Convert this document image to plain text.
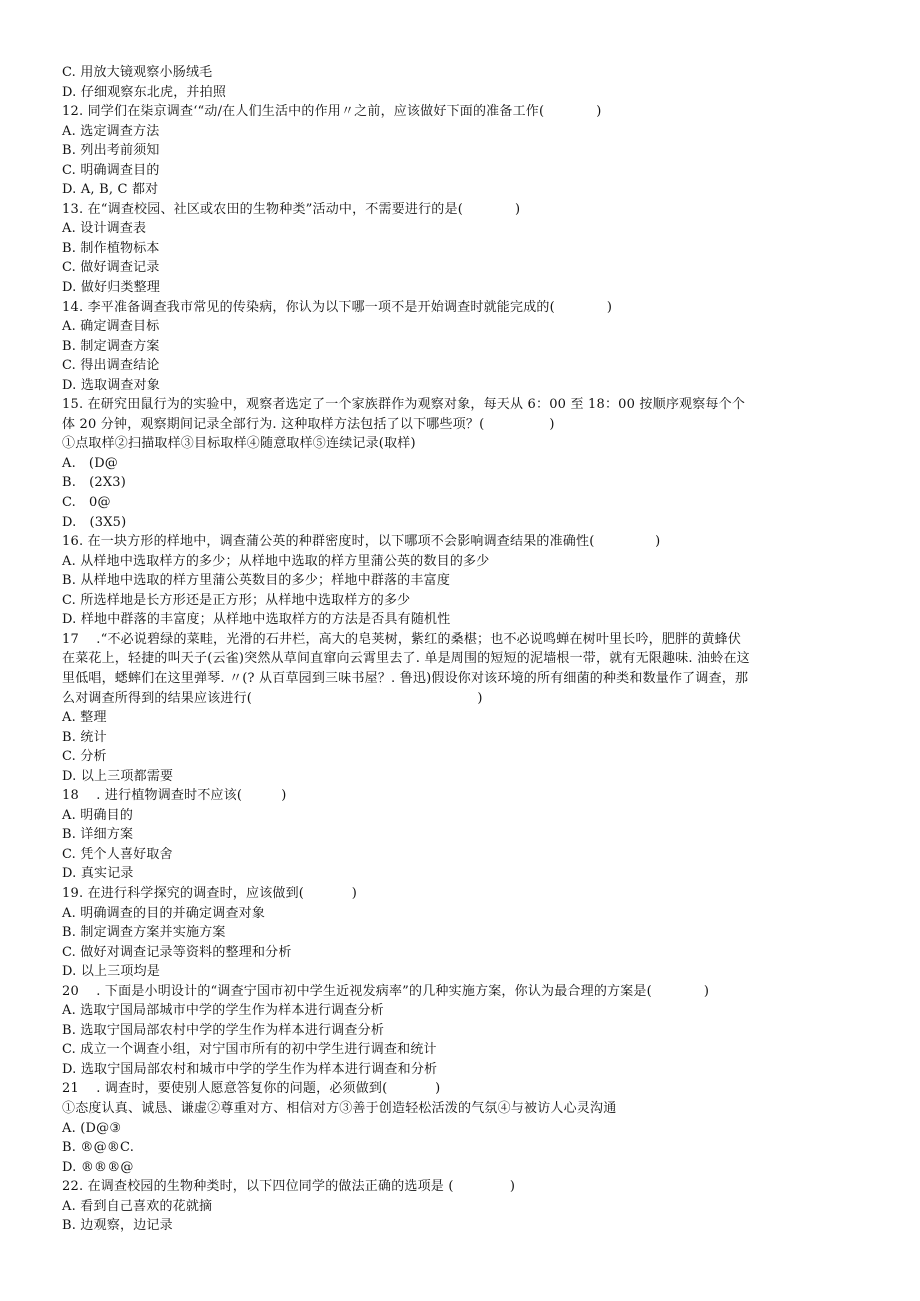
C. 用放大镜观察小肠绒毛
D. 仔细观察东北虎，并拍照
12. 同学们在柒京调查‘“动/在人们生活中的作用〃之前，应该做好下面的准备工作(            )
A. 选定调查方法
B. 列出考前须知
C. 明确调查目的
D. A, B, C 都对
13. 在“调查校园、社区或农田的生物种类”活动中，不需要进行的是(            )
A. 设计调查表
B. 制作植物标本
C. 做好调查记录
D. 做好归类整理
14. 李平准备调查我市常见的传染病，你认为以下哪一项不是开始调查时就能完成的(            )
A. 确定调查目标
B. 制定调查方案
C. 得出调查结论
D. 选取调查对象
15. 在研究田鼠行为的实验中，观察者选定了一个家族群作为观察对象，每天从 6：00 至 18：00 按顺序观察每个个
体 20 分钟，观察期间记录全部行为. 这种取样方法包括了以下哪些项？(               )
①点取样②扫描取样③目标取样④随意取样⑤连续记录(取样)
A.   (D@
B.   (2X3)
C.   0@
D.   (3X5)
16. 在一块方形的样地中，调查蒲公英的种群密度时，以下哪项不会影响调查结果的准确性(              )
A. 从样地中选取样方的多少；从样地中选取的样方里蒲公英的数目的多少
B. 从样地中选取的样方里蒲公英数目的多少；样地中群落的丰富度
C. 所选样地是长方形还是正方形；从样地中选取样方的多少
D. 样地中群落的丰富度；从样地中选取样方的方法是否具有随机性
17    .“不必说碧绿的菜畦，光滑的石井栏，高大的皂荚树，紫红的桑椹；也不必说鸣蝉在树叶里长吟，肥胖的黄蜂伏
在菜花上，轻捷的叫天子(云雀)突然从草间直窜向云霄里去了. 单是周围的短短的泥墙根一带，就有无限趣味. 油蛉在这
里低唱，蟋蟀们在这里弹琴. 〃(? 从百草园到三味书屋？. 鲁迅)假设你对该环境的所有细菌的种类和数量作了调查，那
么对调查所得到的结果应该进行(                                                    )
A. 整理
B. 统计
C. 分析
D. 以上三项都需要
18    . 进行植物调查时不应该(         )
A. 明确目的
B. 详细方案
C. 凭个人喜好取舍
D. 真实记录
19. 在进行科学探究的调查时，应该做到(           )
A. 明确调查的目的并确定调查对象
B. 制定调查方案并实施方案
C. 做好对调查记录等资料的整理和分析
D. 以上三项均是
20    . 下面是小明设计的“调查宁国市初中学生近视发病率”的几种实施方案，你认为最合理的方案是(            )
A. 选取宁国局部城市中学的学生作为样本进行调查分析
B. 选取宁国局部农村中学的学生作为样本进行调查分析
C. 成立一个调查小组，对宁国市所有的初中学生进行调查和统计
D. 选取宁国局部农村和城市中学的学生作为样本进行调查和分析
21    . 调查时，要使别人愿意答复你的问题，必须做到(           )
①态度认真、诚恳、谦虚②尊重对方、相信对方③善于创造轻松活泼的气氛④与被访人心灵沟通
A. (D@③
B. ®@®C.
D. ®®®@
22. 在调查校园的生物种类时，以下四位同学的做法正确的选项是 (             )
A. 看到自己喜欢的花就摘
B. 边观察，边记录
